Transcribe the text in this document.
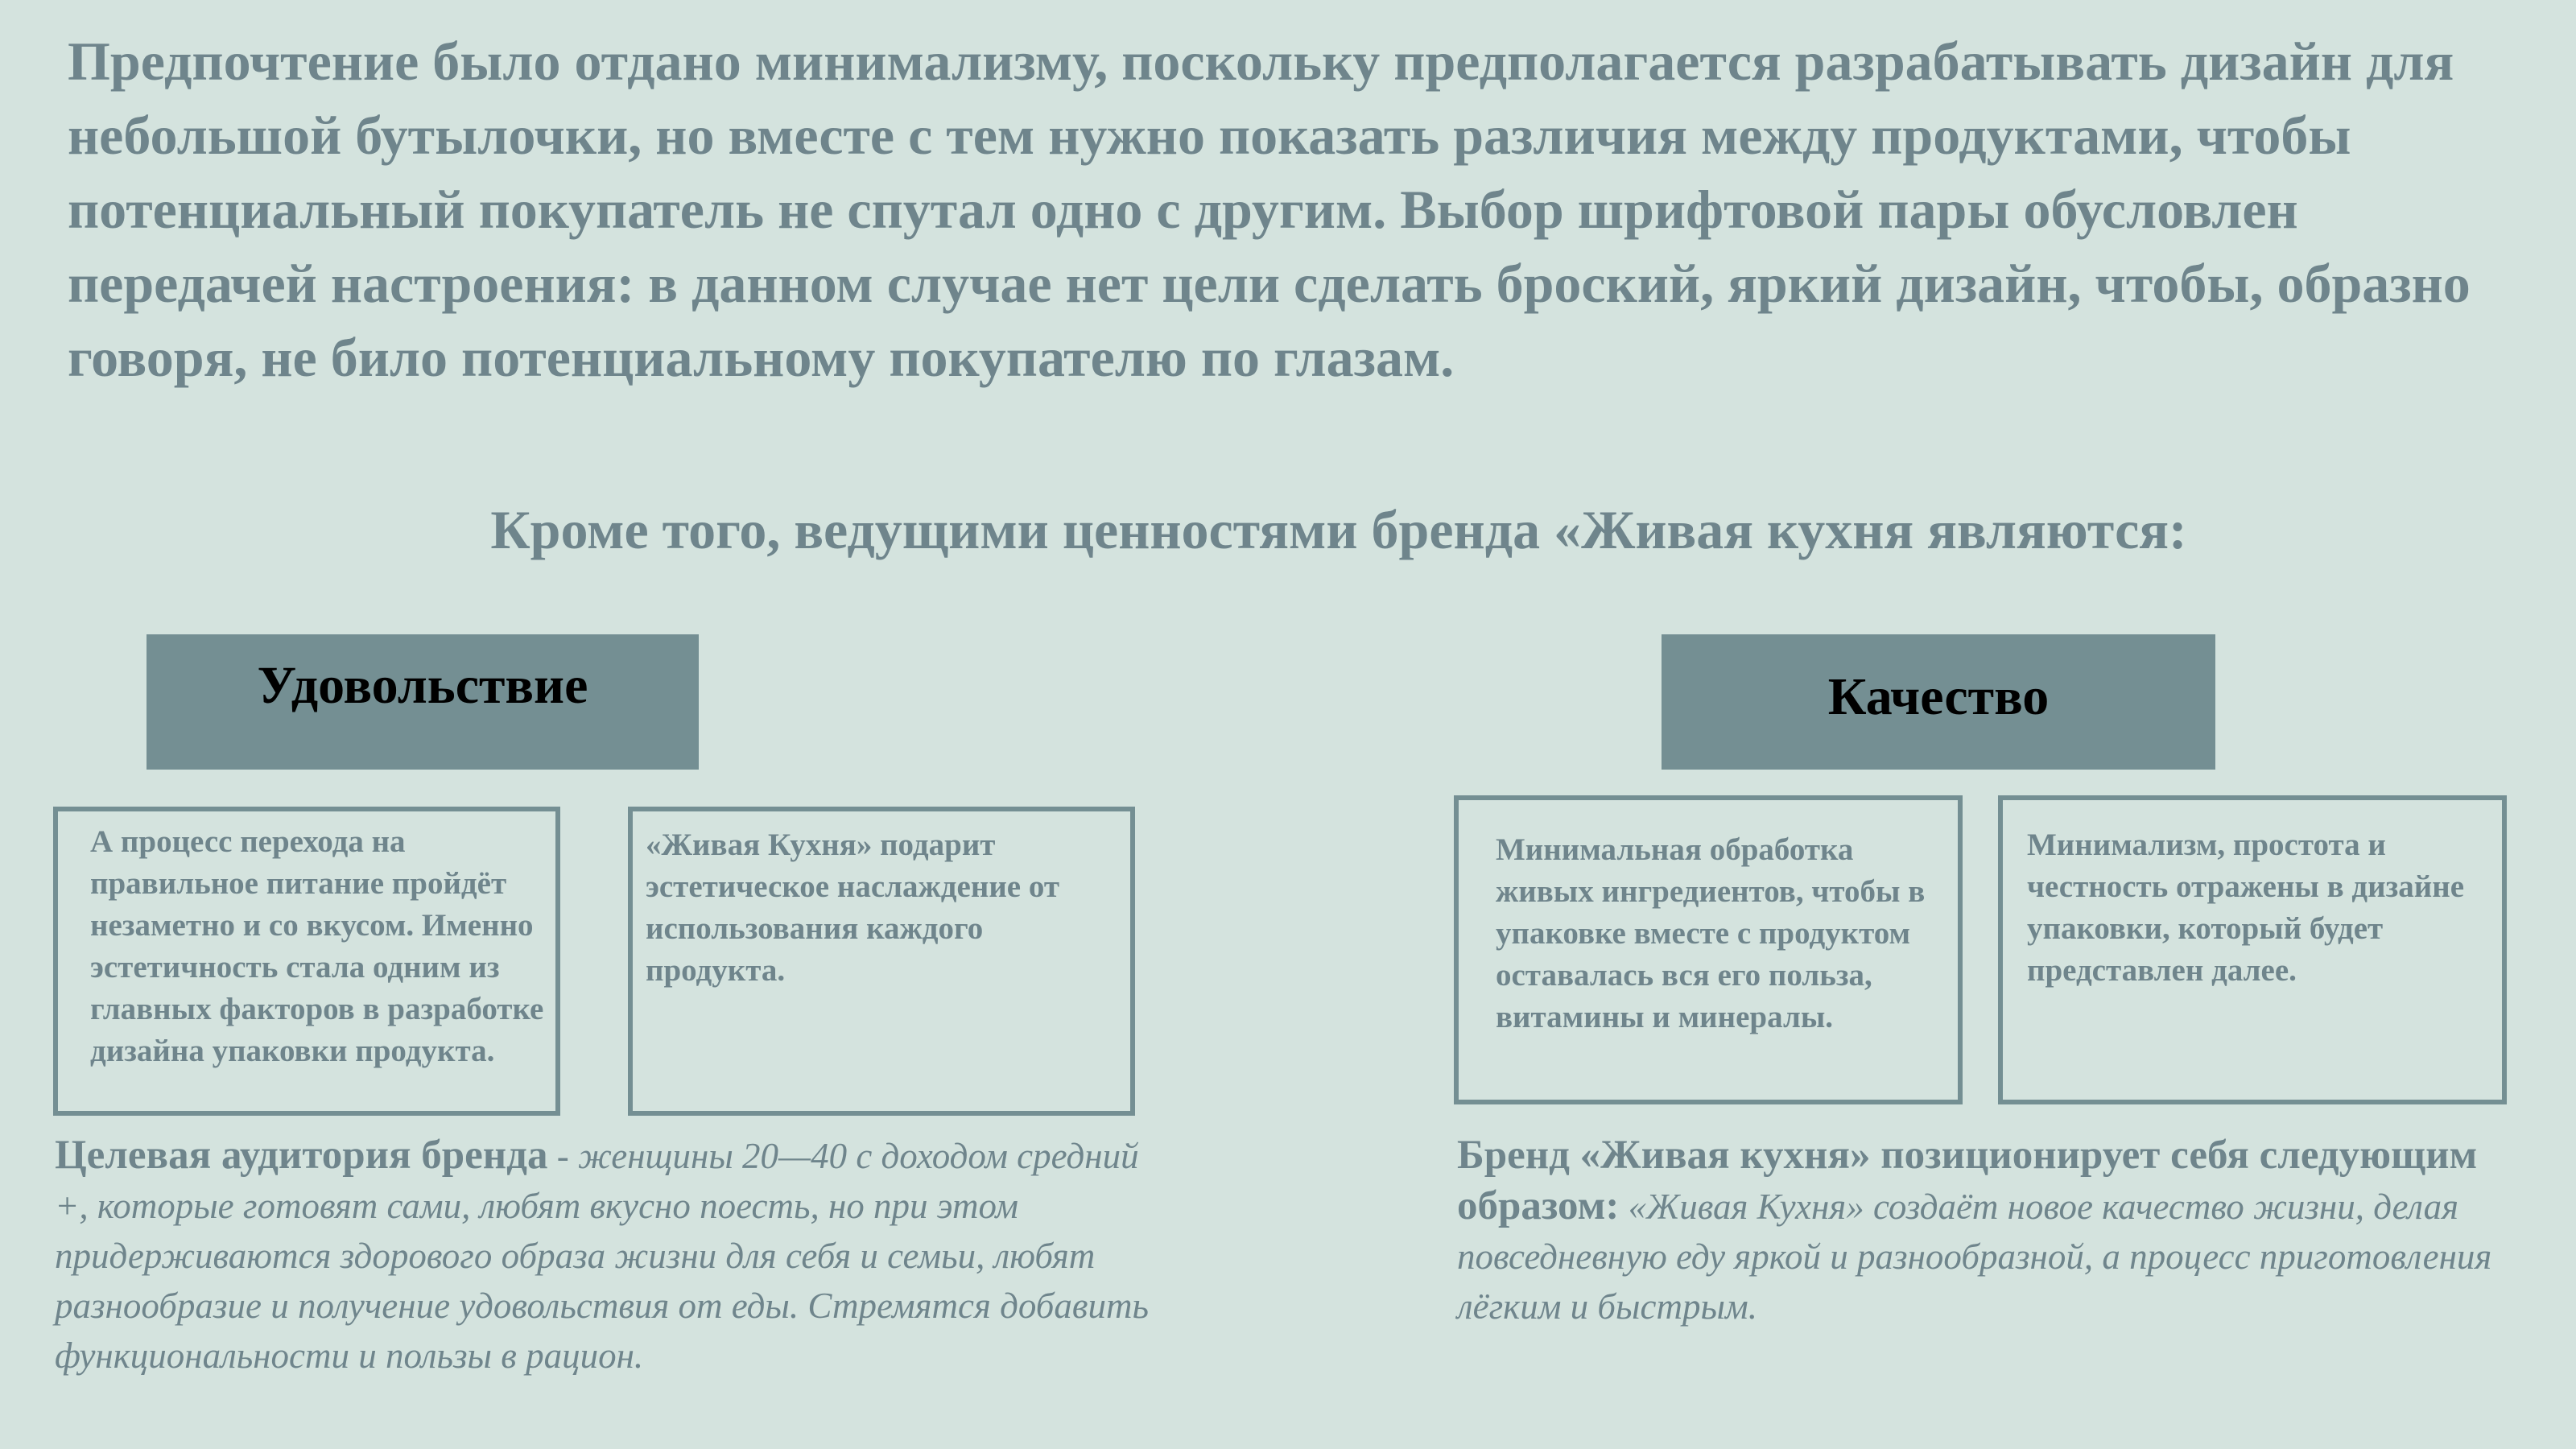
Предпочтение было отдано минимализму, поскольку предполагается разрабатывать дизайн для небольшой бутылочки, но вместе с тем нужно показать различия между продуктами, чтобы потенциальный покупатель не спутал одно с другим. Выбор шрифтовой пары обусловлен передачей настроения: в данном случае нет цели сделать броский, яркий дизайн, чтобы, образно говоря, не било потенциальному покупателю по глазам.

Кроме того, ведущими ценностями бренда «Живая кухня являются:
Удовольствие	Качество
А процесс перехода на правильное питание пройдёт незаметно и со вкусом. Именно эстетичность стала одним из главных факторов в разработке дизайна упаковки продукта.
«Живая Кухня» подарит эстетическое наслаждение от использования каждого продукта.
Минимальная обработка живых ингредиентов, чтобы в упаковке вместе с продуктом оставалась вся его польза, витамины и минералы.
Минимализм, простота и честность отражены в дизайне упаковки, который будет представлен далее.

Целевая аудитория бренда - женщины 20—40 с доходом средний +, которые готовят сами, любят вкусно поесть, но при этом придерживаются здорового образа жизни для себя и семьи, любят разнообразие и получение удовольствия от еды. Стремятся добавить функциональности и пользы в рацион.

Бренд «Живая кухня» позиционирует себя следующим образом: «Живая Кухня» создаёт новое качество жизни, делая повседневную еду яркой и разнообразной, а процесс приготовления лёгким и быстрым.
